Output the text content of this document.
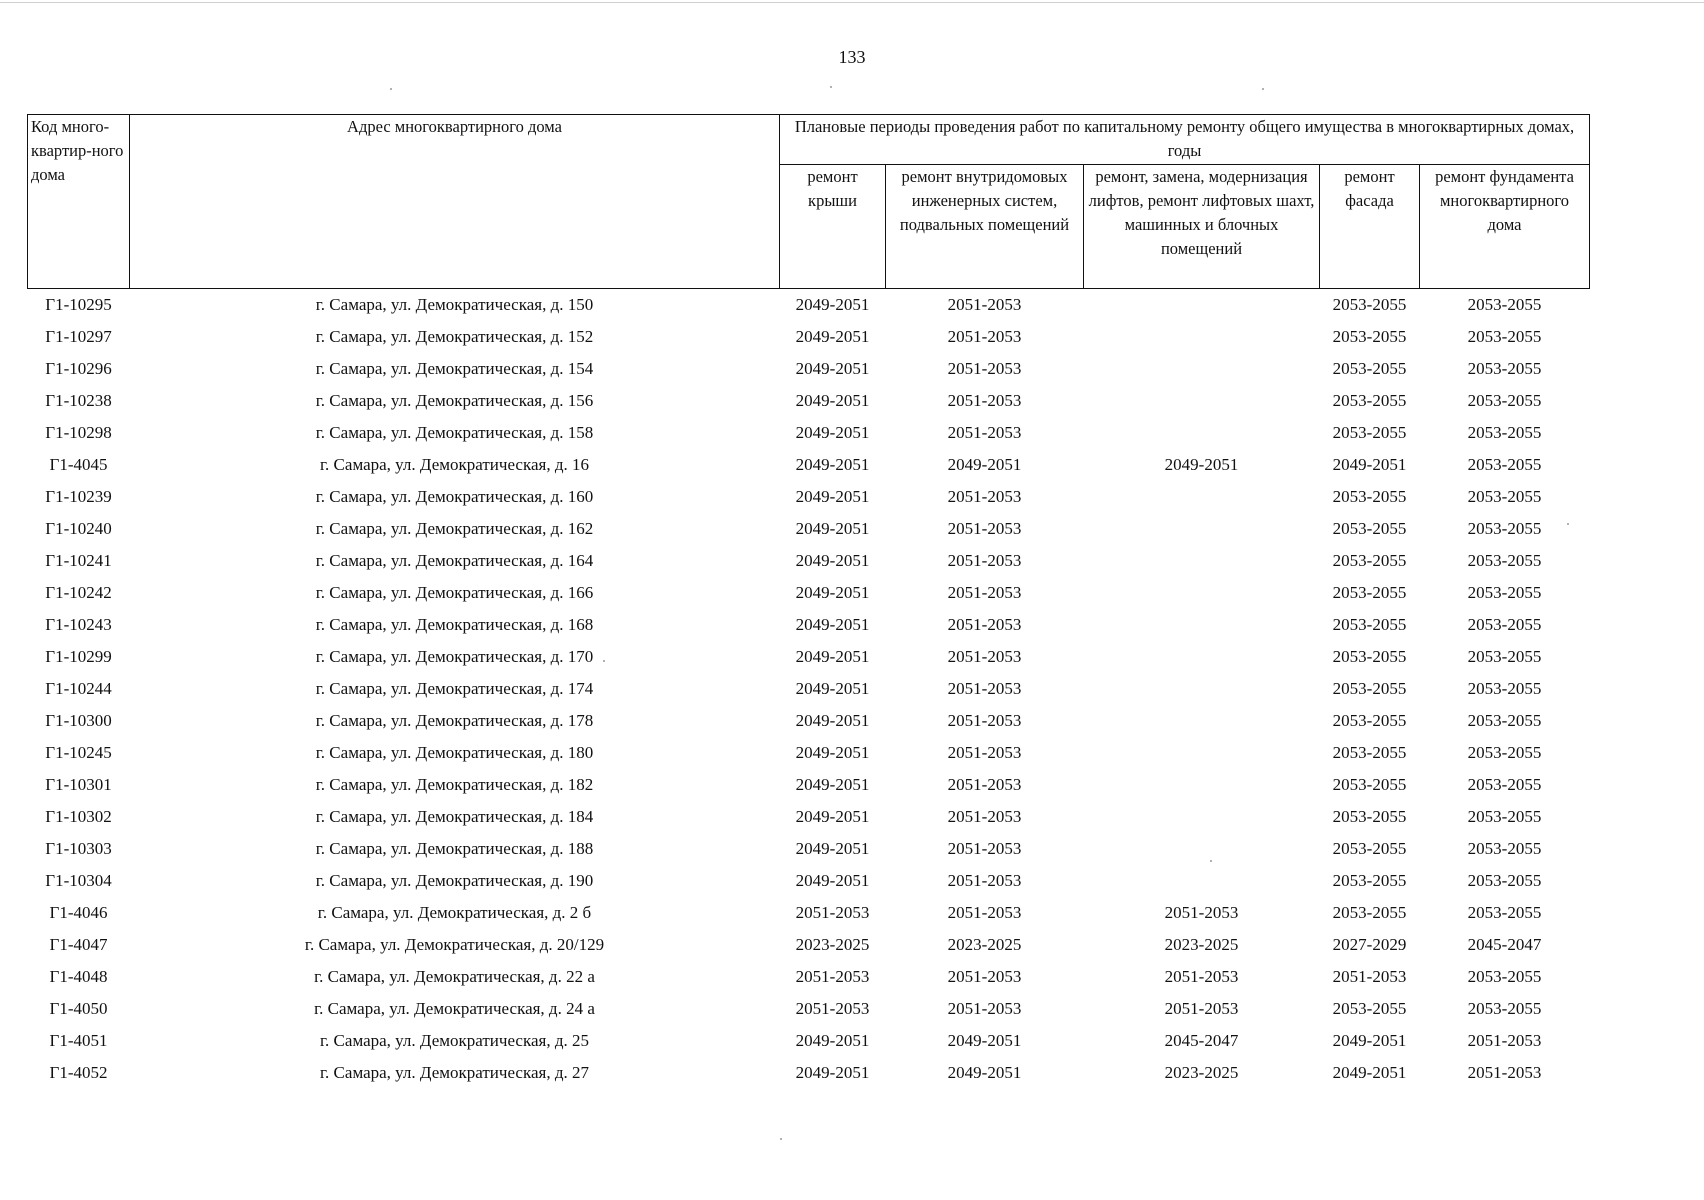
133
Код много-квартир-ного дома	Адрес многоквартирного дома	Плановые периоды проведения работ по капитальному ремонту общего имущества в многоквартирных домах, годы				
		ремонт крыши	ремонт внутридомовых инженерных систем, подвальных помещений	ремонт, замена, модернизация лифтов, ремонт лифтовых шахт, машинных и блочных помещений	ремонт фасада	ремонт фундамента многоквартирного дома
Г1-10295	г. Самара, ул. Демократическая, д. 150	2049-2051	2051-2053		2053-2055	2053-2055
Г1-10297	г. Самара, ул. Демократическая, д. 152	2049-2051	2051-2053		2053-2055	2053-2055
Г1-10296	г. Самара, ул. Демократическая, д. 154	2049-2051	2051-2053		2053-2055	2053-2055
Г1-10238	г. Самара, ул. Демократическая, д. 156	2049-2051	2051-2053		2053-2055	2053-2055
Г1-10298	г. Самара, ул. Демократическая, д. 158	2049-2051	2051-2053		2053-2055	2053-2055
Г1-4045	г. Самара, ул. Демократическая, д. 16	2049-2051	2049-2051	2049-2051	2049-2051	2053-2055
Г1-10239	г. Самара, ул. Демократическая, д. 160	2049-2051	2051-2053		2053-2055	2053-2055
Г1-10240	г. Самара, ул. Демократическая, д. 162	2049-2051	2051-2053		2053-2055	2053-2055
Г1-10241	г. Самара, ул. Демократическая, д. 164	2049-2051	2051-2053		2053-2055	2053-2055
Г1-10242	г. Самара, ул. Демократическая, д. 166	2049-2051	2051-2053		2053-2055	2053-2055
Г1-10243	г. Самара, ул. Демократическая, д. 168	2049-2051	2051-2053		2053-2055	2053-2055
Г1-10299	г. Самара, ул. Демократическая, д. 170	2049-2051	2051-2053		2053-2055	2053-2055
Г1-10244	г. Самара, ул. Демократическая, д. 174	2049-2051	2051-2053		2053-2055	2053-2055
Г1-10300	г. Самара, ул. Демократическая, д. 178	2049-2051	2051-2053		2053-2055	2053-2055
Г1-10245	г. Самара, ул. Демократическая, д. 180	2049-2051	2051-2053		2053-2055	2053-2055
Г1-10301	г. Самара, ул. Демократическая, д. 182	2049-2051	2051-2053		2053-2055	2053-2055
Г1-10302	г. Самара, ул. Демократическая, д. 184	2049-2051	2051-2053		2053-2055	2053-2055
Г1-10303	г. Самара, ул. Демократическая, д. 188	2049-2051	2051-2053		2053-2055	2053-2055
Г1-10304	г. Самара, ул. Демократическая, д. 190	2049-2051	2051-2053		2053-2055	2053-2055
Г1-4046	г. Самара, ул. Демократическая, д. 2 б	2051-2053	2051-2053	2051-2053	2053-2055	2053-2055
Г1-4047	г. Самара, ул. Демократическая, д. 20/129	2023-2025	2023-2025	2023-2025	2027-2029	2045-2047
Г1-4048	г. Самара, ул. Демократическая, д. 22 а	2051-2053	2051-2053	2051-2053	2051-2053	2053-2055
Г1-4050	г. Самара, ул. Демократическая, д. 24 а	2051-2053	2051-2053	2051-2053	2053-2055	2053-2055
Г1-4051	г. Самара, ул. Демократическая, д. 25	2049-2051	2049-2051	2045-2047	2049-2051	2051-2053
Г1-4052	г. Самара, ул. Демократическая, д. 27	2049-2051	2049-2051	2023-2025	2049-2051	2051-2053
